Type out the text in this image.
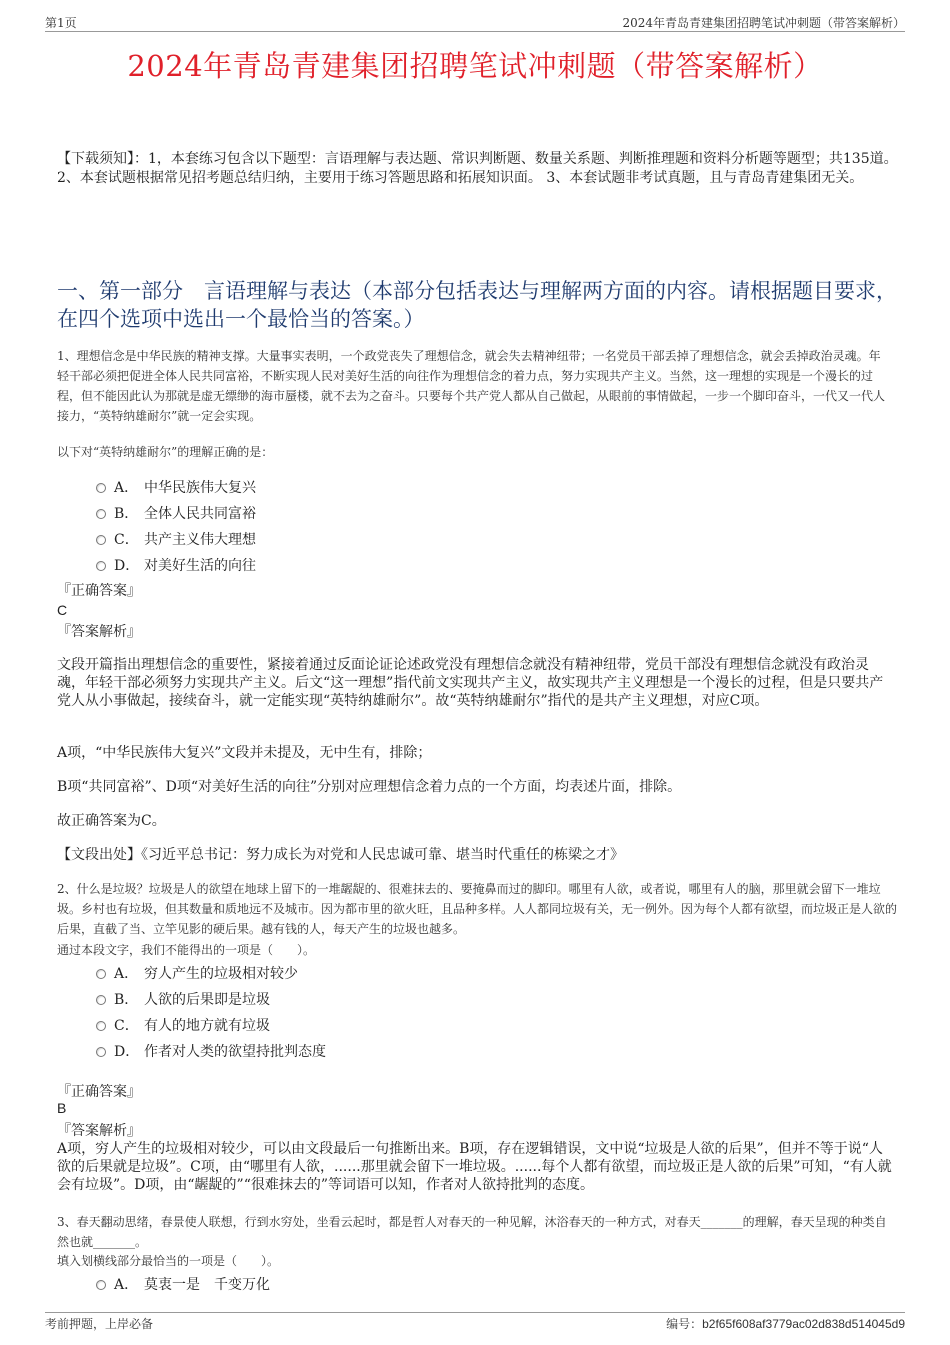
第1页	2024年青岛青建集团招聘笔试冲刺题（带答案解析）
2024年青岛青建集团招聘笔试冲刺题（带答案解析）
【下载须知】：1，本套练习包含以下题型：言语理解与表达题、常识判断题、数量关系题、判断推理题和资料分析题等题型；共135道。 2、本套试题根据常见招考题总结归纳，主要用于练习答题思路和拓展知识面。 3、本套试题非考试真题，且与青岛青建集团无关。
一、第一部分　言语理解与表达（本部分包括表达与理解两方面的内容。请根据题目要求，在四个选项中选出一个最恰当的答案。）
1、理想信念是中华民族的精神支撑。大量事实表明，一个政党丧失了理想信念，就会失去精神纽带；一名党员干部丢掉了理想信念，就会丢掉政治灵魂。年轻干部必须把促进全体人民共同富裕，不断实现人民对美好生活的向往作为理想信念的着力点，努力实现共产主义。当然，这一理想的实现是一个漫长的过程，但不能因此认为那就是虚无缥缈的海市蜃楼，就不去为之奋斗。只要每个共产党人都从自己做起，从眼前的事情做起，一步一个脚印奋斗，一代又一代人接力，“英特纳雄耐尔”就一定会实现。
以下对“英特纳雄耐尔”的理解正确的是：
A． 中华民族伟大复兴
B． 全体人民共同富裕
C． 共产主义伟大理想
D． 对美好生活的向往
『正确答案』
C
『答案解析』
文段开篇指出理想信念的重要性，紧接着通过反面论证论述政党没有理想信念就没有精神纽带，党员干部没有理想信念就没有政治灵魂，年轻干部必须努力实现共产主义。后文“这一理想”指代前文实现共产主义，故实现共产主义理想是一个漫长的过程，但是只要共产党人从小事做起，接续奋斗，就一定能实现“英特纳雄耐尔”。故“英特纳雄耐尔”指代的是共产主义理想，对应C项。
A项，“中华民族伟大复兴”文段并未提及，无中生有，排除；
B项“共同富裕”、D项“对美好生活的向往”分别对应理想信念着力点的一个方面，均表述片面，排除。
故正确答案为C。
【文段出处】《习近平总书记：努力成长为对党和人民忠诚可靠、堪当时代重任的栋梁之才》
2、什么是垃圾？垃圾是人的欲望在地球上留下的一堆龌龊的、很难抹去的、要掩鼻而过的脚印。哪里有人欲，或者说，哪里有人的脑，那里就会留下一堆垃圾。乡村也有垃圾，但其数量和质地远不及城市。因为都市里的欲火旺，且品种多样。人人都同垃圾有关，无一例外。因为每个人都有欲望，而垃圾正是人欲的后果，直截了当、立竿见影的硬后果。越有钱的人，每天产生的垃圾也越多。
通过本段文字，我们不能得出的一项是（　　）。
A． 穷人产生的垃圾相对较少
B． 人欲的后果即是垃圾
C． 有人的地方就有垃圾
D． 作者对人类的欲望持批判态度
『正确答案』
B
『答案解析』
A项，穷人产生的垃圾相对较少，可以由文段最后一句推断出来。B项，存在逻辑错误，文中说“垃圾是人欲的后果”，但并不等于说“人欲的后果就是垃圾”。C项，由“哪里有人欲，......那里就会留下一堆垃圾。......每个人都有欲望，而垃圾正是人欲的后果”可知，“有人就会有垃圾”。D项，由“龌龊的”“很难抹去的”等词语可以知，作者对人欲持批判的态度。
3、春天翻动思绪，春景使人联想，行到水穷处，坐看云起时，都是哲人对春天的一种见解，沐浴春天的一种方式，对春天_______的理解，春天呈现的种类自然也就_______。
填入划横线部分最恰当的一项是（　　）。
A． 莫衷一是　千变万化
考前押题，上岸必备	编号：b2f65f608af3779ac02d838d514045d9
